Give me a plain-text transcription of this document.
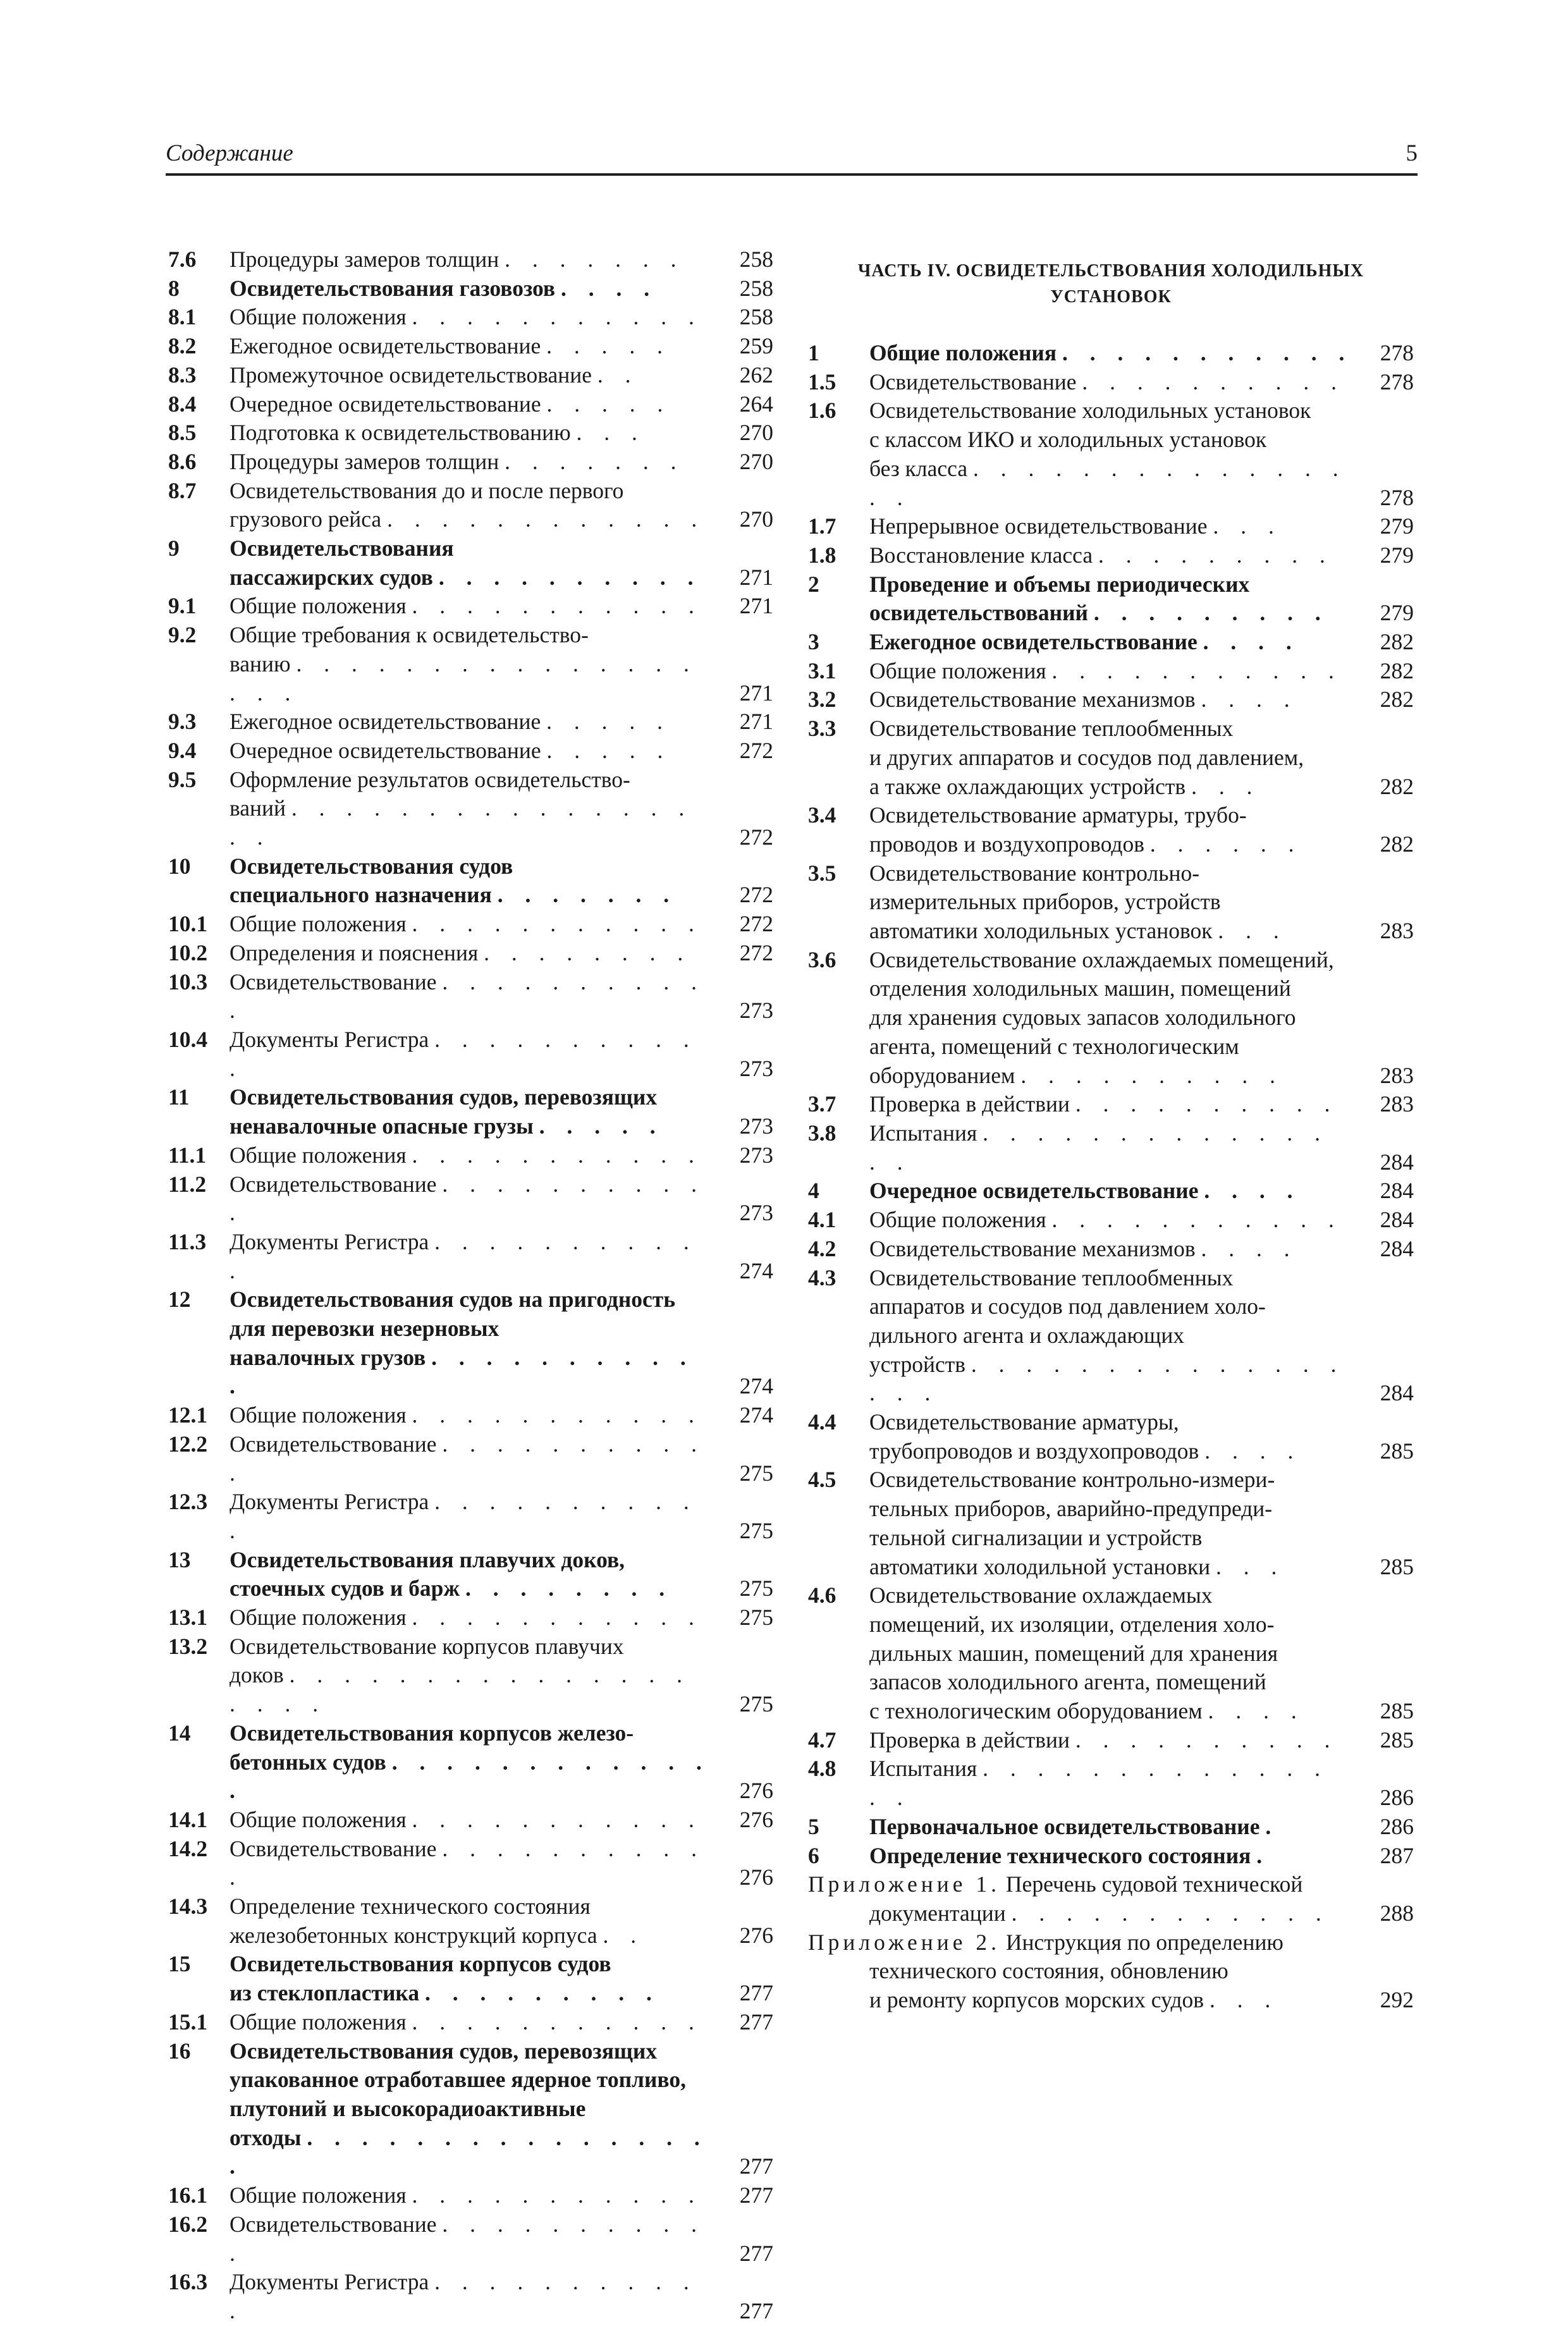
Содержание	5
7.6 Процедуры замеров толщин . . . . . . .	258
8 Освидетельствования газовозов . . . .	258
8.1 Общие положения . . . . . . . . . . .	258
8.2 Ежегодное освидетельствование . . . . .	259
8.3 Промежуточное освидетельствование . .	262
8.4 Очередное освидетельствование . . . . .	264
8.5 Подготовка к освидетельствованию . . .	270
8.6 Процедуры замеров толщин . . . . . . .	270
8.7 Освидетельствования до и после первого
грузового рейса . . . . . . . . . . . .	270
9 Освидетельствования
пассажирских судов . . . . . . . . . .	271
9.1 Общие положения . . . . . . . . . . .	271
9.2 Общие требования к освидетельство-
ванию . . . . . . . . . . . . . . . . . .	271
9.3 Ежегодное освидетельствование . . . . .	271
9.4 Очередное освидетельствование . . . . .	272
9.5 Оформление результатов освидетельство-
ваний . . . . . . . . . . . . . . . . .	272
10 Освидетельствования судов
специального назначения . . . . . . .	272
10.1 Общие положения . . . . . . . . . . .	272
10.2 Определения и пояснения . . . . . . . .	272
10.3 Освидетельствование . . . . . . . . . . .	273
10.4 Документы Регистра . . . . . . . . . . .	273
11 Освидетельствования судов, перевозящих
ненавалочные опасные грузы . . . . .	273
11.1 Общие положения . . . . . . . . . . .	273
11.2 Освидетельствование . . . . . . . . . . .	273
11.3 Документы Регистра . . . . . . . . . . .	274
12 Освидетельствования судов на пригодность
для перевозки незерновых
навалочных грузов . . . . . . . . . . .	274
12.1 Общие положения . . . . . . . . . . .	274
12.2 Освидетельствование . . . . . . . . . . .	275
12.3 Документы Регистра . . . . . . . . . . .	275
13 Освидетельствования плавучих доков,
стоечных судов и барж . . . . . . . .	275
13.1 Общие положения . . . . . . . . . . .	275
13.2 Освидетельствование корпусов плавучих
доков . . . . . . . . . . . . . . . . . . .	275
14 Освидетельствования корпусов железо-
бетонных судов . . . . . . . . . . . . .	276
14.1 Общие положения . . . . . . . . . . .	276
14.2 Освидетельствование . . . . . . . . . . .	276
14.3 Определение технического состояния
железобетонных конструкций корпуса . .	276
15 Освидетельствования корпусов судов
из стеклопластика . . . . . . . . .	277
15.1 Общие положения . . . . . . . . . . .	277
16 Освидетельствования судов, перевозящих
упакованное отработавшее ядерное топливо,
плутоний и высокорадиоактивные
отходы . . . . . . . . . . . . . . . .	277
16.1 Общие положения . . . . . . . . . . .	277
16.2 Освидетельствование . . . . . . . . . . .	277
16.3 Документы Регистра . . . . . . . . . . .	277
ЧАСТЬ IV. ОСВИДЕТЕЛЬСТВОВАНИЯ ХОЛОДИЛЬНЫХ
УСТАНОВОК
1 Общие положения . . . . . . . . . . . 278
1.5 Освидетельствование . . . . . . . . . .	278
1.6 Освидетельствование холодильных установок
с классом ИКО и холодильных установок
без класса . . . . . . . . . . . . . . . .	278
1.7 Непрерывное освидетельствование . . .	279
1.8 Восстановление класса . . . . . . . . .	279
2 Проведение и объемы периодических
освидетельствований . . . . . . . . .	279
3 Ежегодное освидетельствование . . . .	282
3.1 Общие положения . . . . . . . . . . .	282
3.2 Освидетельствование механизмов . . . .	282
3.3 Освидетельствование теплообменных
и других аппаратов и сосудов под давлением,
а также охлаждающих устройств . . .	282
3.4 Освидетельствование арматуры, трубо-
проводов и воздухопроводов . . . . . .	282
3.5 Освидетельствование контрольно-
измерительных приборов, устройств
автоматики холодильных установок . . .	283
3.6 Освидетельствование охлаждаемых помещений,
отделения холодильных машин, помещений
для хранения судовых запасов холодильного
агента, помещений с технологическим
оборудованием . . . . . . . . . .	283
3.7 Проверка в действии . . . . . . . . . .	283
3.8 Испытания . . . . . . . . . . . . . . .	284
4 Очередное освидетельствование . . . .	284
4.1 Общие положения . . . . . . . . . . .	284
4.2 Освидетельствование механизмов . . . .	284
4.3 Освидетельствование теплообменных
аппаратов и сосудов под давлением холо-
дильного агента и охлаждающих
устройств . . . . . . . . . . . . . . . . .	284
4.4 Освидетельствование арматуры,
трубопроводов и воздухопроводов . . . .	285
4.5 Освидетельствование контрольно-измери-
тельных приборов, аварийно-предупреди-
тельной сигнализации и устройств
автоматики холодильной установки . . .	285
4.6 Освидетельствование охлаждаемых
помещений, их изоляции, отделения холо-
дильных машин, помещений для хранения
запасов холодильного агента, помещений
с технологическим оборудованием . . . .	285
4.7 Проверка в действии . . . . . . . . . .	285
4.8 Испытания . . . . . . . . . . . . . . .	286
5 Первоначальное освидетельствование .	286
6 Определение технического состояния .	287
Приложение 1. Перечень судовой технической
документации . . . . . . . . . . . .	288
Приложение 2. Инструкция по определению
технического состояния, обновлению
и ремонту корпусов морских судов . . .	292
